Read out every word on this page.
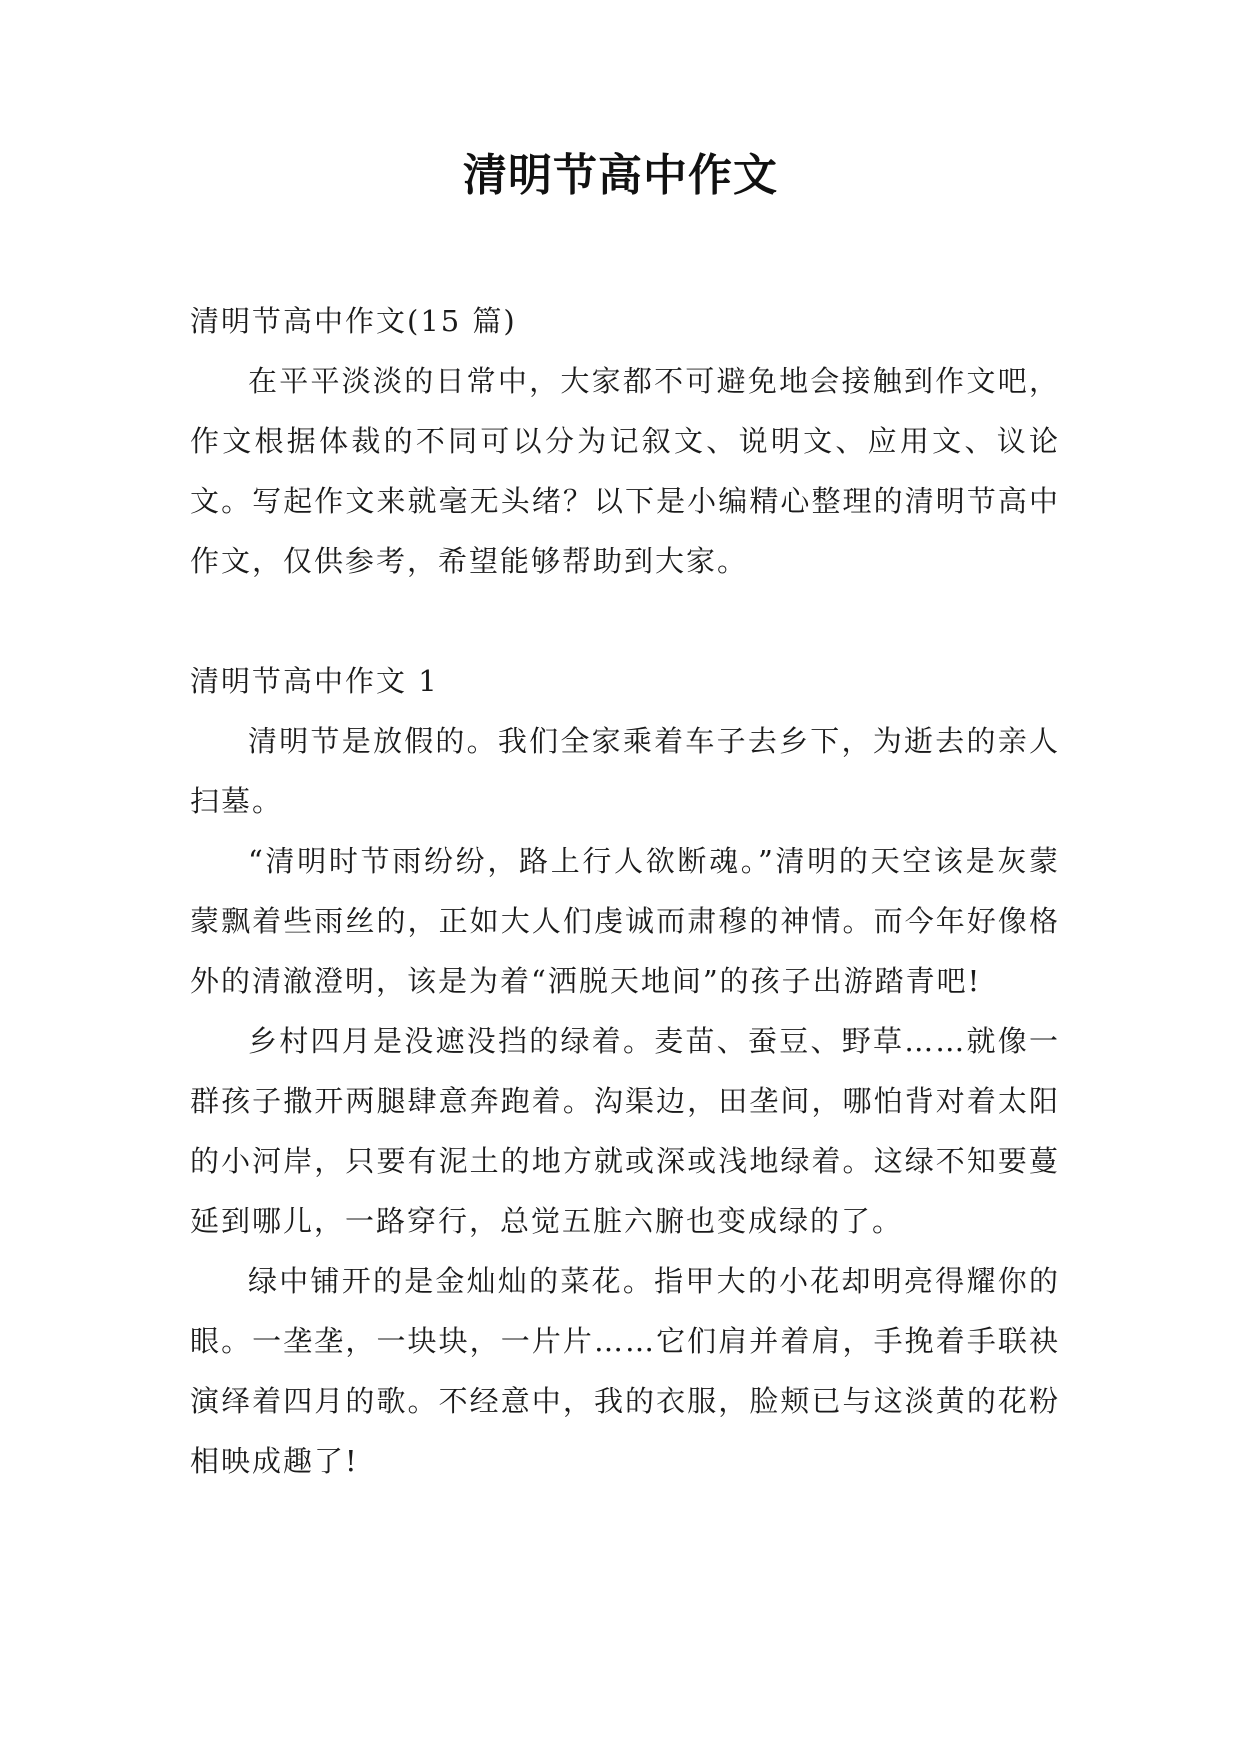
清明节高中作文

清明节高中作文(15 篇)

在平平淡淡的日常中，大家都不可避免地会接触到作文吧，作文根据体裁的不同可以分为记叙文、说明文、应用文、议论文。写起作文来就毫无头绪？以下是小编精心整理的清明节高中作文，仅供参考，希望能够帮助到大家。

清明节高中作文 1

清明节是放假的。我们全家乘着车子去乡下，为逝去的亲人扫墓。

“清明时节雨纷纷，路上行人欲断魂。”清明的天空该是灰蒙蒙飘着些雨丝的，正如大人们虔诚而肃穆的神情。而今年好像格外的清澈澄明，该是为着“洒脱天地间”的孩子出游踏青吧!

乡村四月是没遮没挡的绿着。麦苗、蚕豆、野草……就像一群孩子撒开两腿肆意奔跑着。沟渠边，田垄间，哪怕背对着太阳的小河岸，只要有泥土的地方就或深或浅地绿着。这绿不知要蔓延到哪儿，一路穿行，总觉五脏六腑也变成绿的了。

绿中铺开的是金灿灿的菜花。指甲大的小花却明亮得耀你的眼。一垄垄，一块块，一片片……它们肩并着肩，手挽着手联袂演绎着四月的歌。不经意中，我的衣服，脸颊已与这淡黄的花粉相映成趣了!
